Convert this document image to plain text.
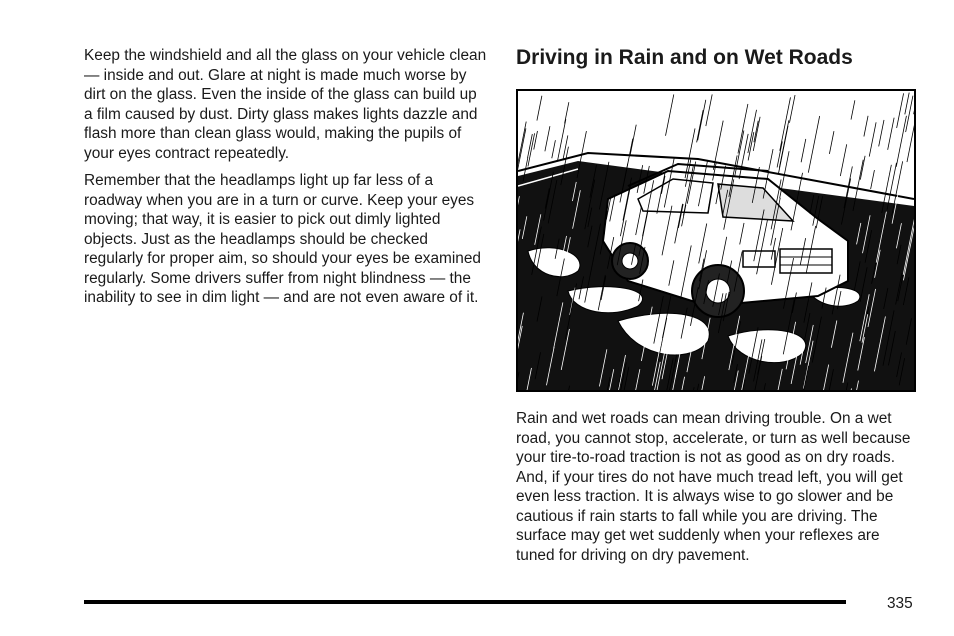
Keep the windshield and all the glass on your vehicle clean — inside and out. Glare at night is made much worse by dirt on the glass. Even the inside of the glass can build up a film caused by dust. Dirty glass makes lights dazzle and flash more than clean glass would, making the pupils of your eyes contract repeatedly.

Remember that the headlamps light up far less of a roadway when you are in a turn or curve. Keep your eyes moving; that way, it is easier to pick out dimly lighted objects. Just as the headlamps should be checked regularly for proper aim, so should your eyes be examined regularly. Some drivers suffer from night blindness — the inability to see in dim light — and are not even aware of it.

Driving in Rain and on Wet Roads

Rain and wet roads can mean driving trouble. On a wet road, you cannot stop, accelerate, or turn as well because your tire-to-road traction is not as good as on dry roads. And, if your tires do not have much tread left, you will get even less traction. It is always wise to go slower and be cautious if rain starts to fall while you are driving. The surface may get wet suddenly when your reflexes are tuned for driving on dry pavement.

335
